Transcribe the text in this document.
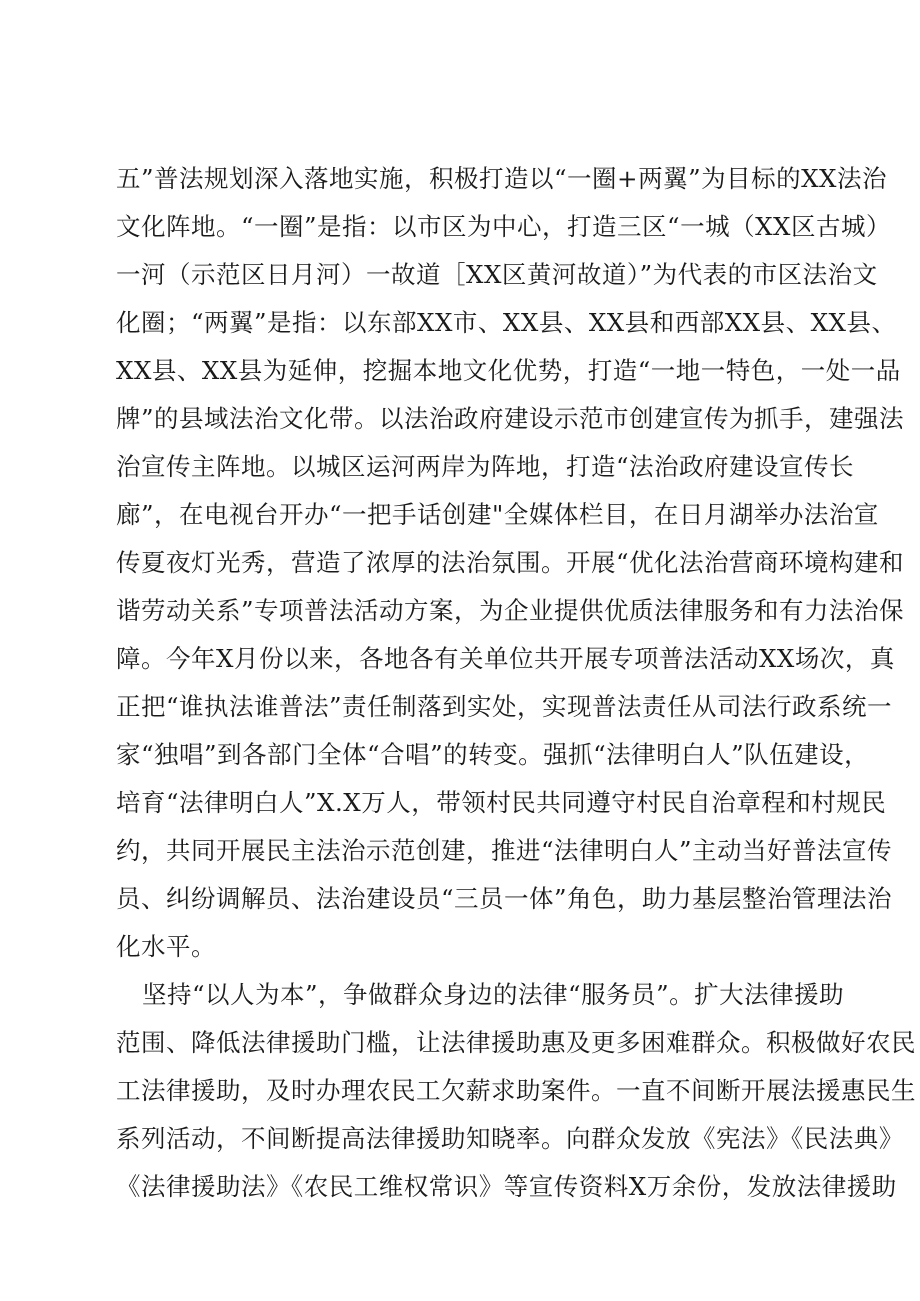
五”普法规划深入落地实施，积极打造以“一圈+两翼”为目标的XX法治
文化阵地。“一圈”是指：以市区为中心，打造三区“一城（XX区古城）
一河（示范区日月河）一故道［XX区黄河故道）”为代表的市区法治文
化圈；“两翼”是指：以东部XX市、XX县、XX县和西部XX县、XX县、
XX县、XX县为延伸，挖掘本地文化优势，打造“一地一特色，一处一品
牌”的县域法治文化带。以法治政府建设示范市创建宣传为抓手，建强法
治宣传主阵地。以城区运河两岸为阵地，打造“法治政府建设宣传长
廊”，在电视台开办“一把手话创建"全媒体栏目，在日月湖举办法治宣
传夏夜灯光秀，营造了浓厚的法治氛围。开展“优化法治营商环境构建和
谐劳动关系”专项普法活动方案，为企业提供优质法律服务和有力法治保
障。今年X月份以来，各地各有关单位共开展专项普法活动XX场次，真
正把“谁执法谁普法”责任制落到实处，实现普法责任从司法行政系统一
家“独唱”到各部门全体“合唱”的转变。强抓“法律明白人”队伍建设，
培育“法律明白人”X.X万人，带领村民共同遵守村民自治章程和村规民
约，共同开展民主法治示范创建，推进“法律明白人”主动当好普法宣传
员、纠纷调解员、法治建设员“三员一体”角色，助力基层整治管理法治
化水平。
坚持“以人为本”，争做群众身边的法律“服务员”。扩大法律援助
范围、降低法律援助门槛，让法律援助惠及更多困难群众。积极做好农民
工法律援助，及时办理农民工欠薪求助案件。一直不间断开展法援惠民生
系列活动，不间断提高法律援助知晓率。向群众发放《宪法》《民法典》
《法律援助法》《农民工维权常识》等宣传资料X万余份，发放法律援助
